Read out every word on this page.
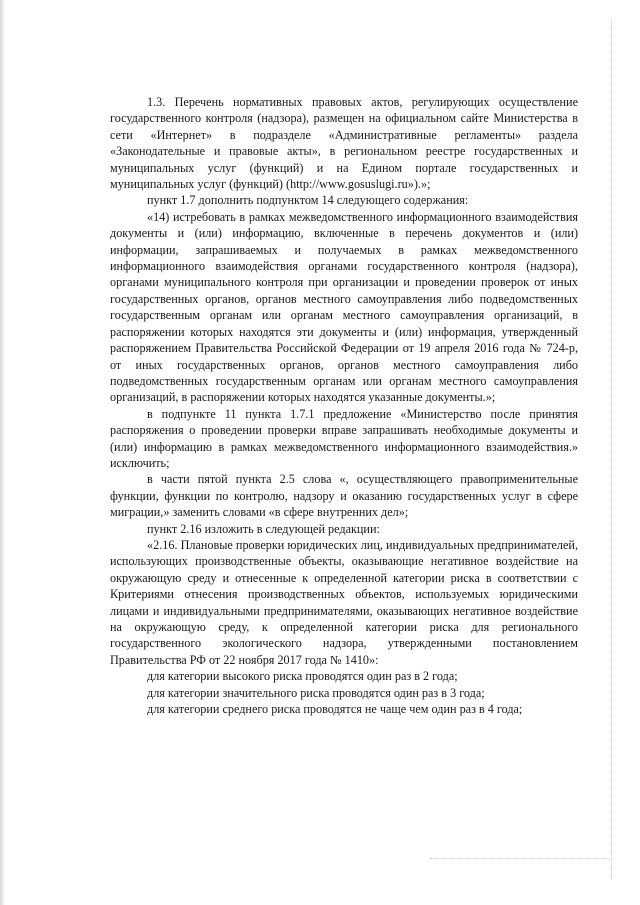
1.3. Перечень нормативных правовых актов, регулирующих осуществление государственного контроля (надзора), размещен на официальном сайте Министерства в сети «Интернет» в подразделе «Административные регламенты» раздела «Законодательные и правовые акты», в региональном реестре государственных и муниципальных услуг (функций) и на Едином портале государственных и муниципальных услуг (функций) (http://www.gosuslugi.ru»).»;

пункт 1.7 дополнить подпунктом 14 следующего содержания:

«14) истребовать в рамках межведомственного информационного взаимодействия документы и (или) информацию, включенные в перечень документов и (или) информации, запрашиваемых и получаемых в рамках межведомственного информационного взаимодействия органами государственного контроля (надзора), органами муниципального контроля при организации и проведении проверок от иных государственных органов, органов местного самоуправления либо подведомственных государственным органам или органам местного самоуправления организаций, в распоряжении которых находятся эти документы и (или) информация, утвержденный распоряжением Правительства Российской Федерации от 19 апреля 2016 года № 724-р, от иных государственных органов, органов местного самоуправления либо подведомственных государственным органам или органам местного самоуправления организаций, в распоряжении которых находятся указанные документы.»;

в подпункте 11 пункта 1.7.1 предложение «Министерство после принятия распоряжения о проведении проверки вправе запрашивать необходимые документы и (или) информацию в рамках межведомственного информационного взаимодействия.» исключить;

в части пятой пункта 2.5 слова «, осуществляющего правоприменительные функции, функции по контролю, надзору и оказанию государственных услуг в сфере миграции,» заменить словами «в сфере внутренних дел»;

пункт 2.16 изложить в следующей редакции:

«2.16. Плановые проверки юридических лиц, индивидуальных предпринимателей, использующих производственные объекты, оказывающие негативное воздействие на окружающую среду и отнесенные к определенной категории риска в соответствии с Критериями отнесения производственных объектов, используемых юридическими лицами и индивидуальными предпринимателями, оказывающих негативное воздействие на окружающую среду, к определенной категории риска для регионального государственного экологического надзора, утвержденными постановлением Правительства РФ от 22 ноября 2017 года № 1410»:

для категории высокого риска проводятся один раз в 2 года;

для категории значительного риска проводятся один раз в 3 года;

для категории среднего риска проводятся не чаще чем один раз в 4 года;
